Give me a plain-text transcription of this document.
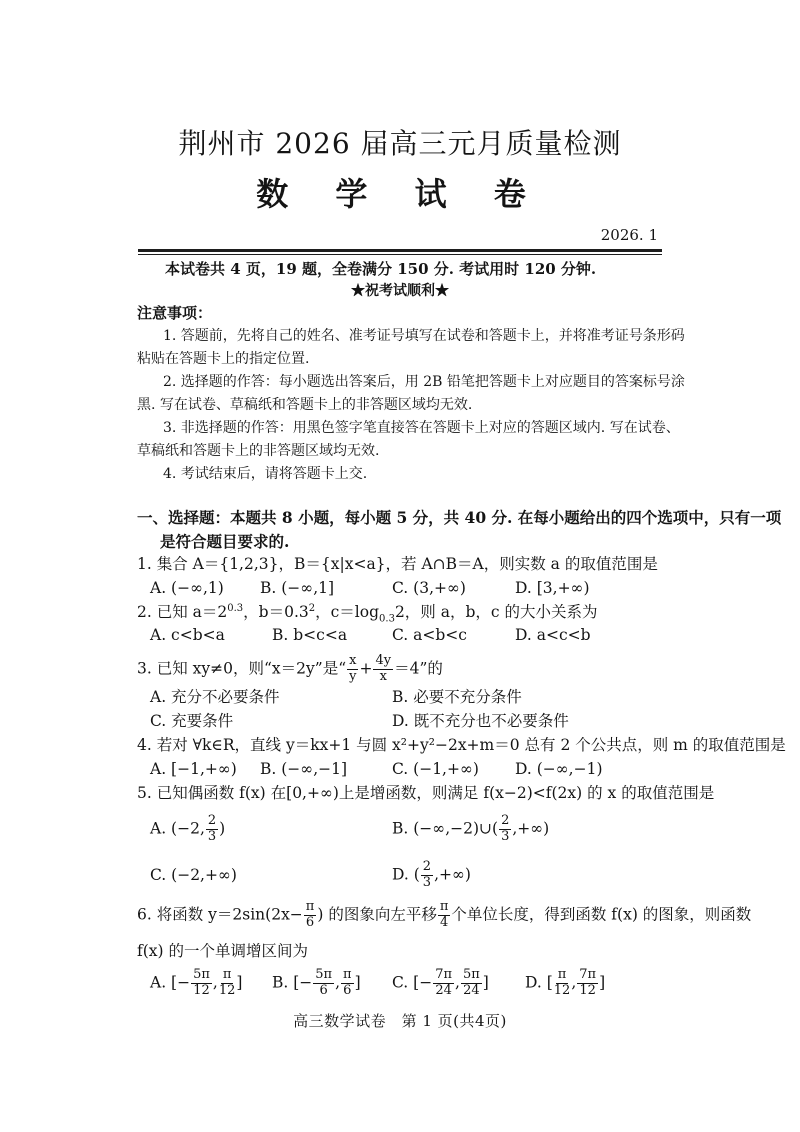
荆州市 2026 届高三元月质量检测
数 学 试 卷
2026. 1
本试卷共 4 页，19 题，全卷满分 150 分. 考试用时 120 分钟.
★祝考试顺利★
注意事项：
1. 答题前，先将自己的姓名、准考证号填写在试卷和答题卡上，并将准考证号条形码
粘贴在答题卡上的指定位置.
2. 选择题的作答：每小题选出答案后，用 2B 铅笔把答题卡上对应题目的答案标号涂
黑. 写在试卷、草稿纸和答题卡上的非答题区域均无效.
3. 非选择题的作答：用黑色签字笔直接答在答题卡上对应的答题区域内. 写在试卷、
草稿纸和答题卡上的非答题区域均无效.
4. 考试结束后，请将答题卡上交.
一、选择题：本题共 8 小题，每小题 5 分，共 40 分. 在每小题给出的四个选项中，只有一项
是符合题目要求的.
1. 集合 A＝{1,2,3}，B＝{x|x<a}，若 A∩B＝A，则实数 a 的取值范围是
A. (−∞,1) B. (−∞,1]	C. (3,+∞)	D. [3,+∞)
2. 已知 $a=2^{0.3}$，$b=0.3^2$，$c=\log_{0.3}2$，则 a，b，c 的大小关系为
A. c<b<a	B. b<c<a	C. a<b<c	D. a<c<b
3. 已知 xy≠0，则“x＝2y”是“ $\frac{x}{y} + \frac{4y}{x} =4$”的
A. 充分不必要条件	B. 必要不充分条件
C. 充要条件	D. 既不充分也不必要条件
4. 若对 ∀k∈R，直线 y＝kx+1 与圆 x²+y²−2x+m＝0 总有 2 个公共点，则 m 的取值范围是
A. [−1,+∞) B. (−∞,−1]	C. (−1,+∞) D. (−∞,−1)
5. 已知偶函数 f(x) 在[0,+∞)上是增函数，则满足 f(x−2)<f(2x) 的 x 的取值范围是
A. (−2, $\frac{2}{3}$ )	B. (−∞,−2)∪( $\frac{2}{3}$ ,+∞)
C. (−2,+∞)	D. ( $\frac{2}{3}$ ,+∞)
6. 将函数 $y=2\sin(2x- \frac{\pi}{6}$ ) 的图象向左平移 $\frac{\pi}{4}$ 个单位长度，得到函数 f(x) 的图象，则函数
f(x) 的一个单调增区间为
A. [− $\frac{5\pi}{12}$ , $\frac{\pi}{12}$ ] B. [− $\frac{5\pi}{6}$ , $\frac{\pi}{6}$ ] C. [− $\frac{7\pi}{24}$ , $\frac{5\pi}{24}$ ] D. [ $\frac{\pi}{12}$ , $\frac{7\pi}{12}$ ]
高三数学试卷　第 1 页(共4页)
